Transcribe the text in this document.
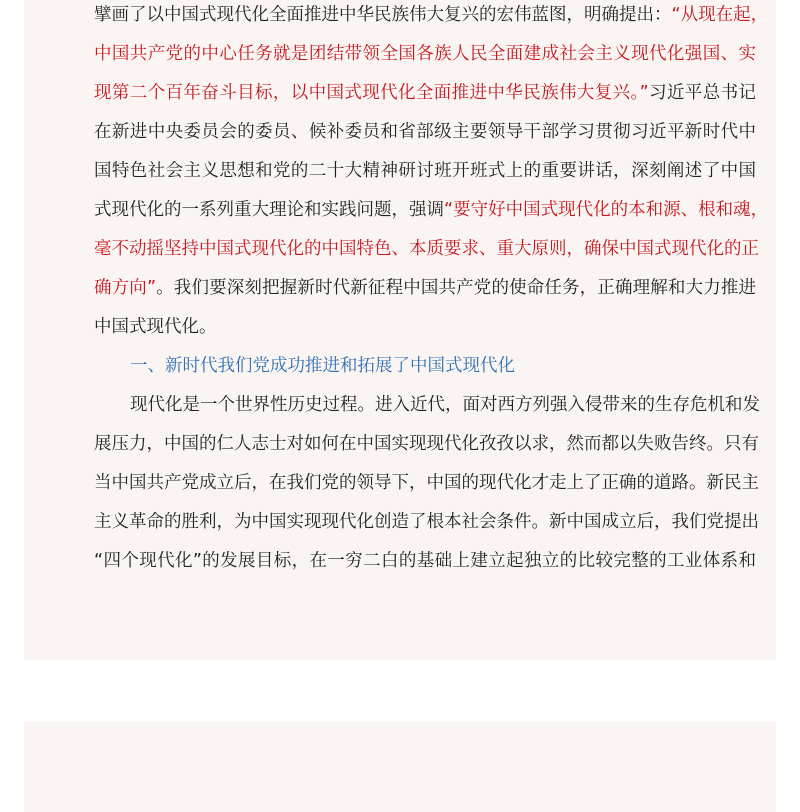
擘画了以中国式现代化全面推进中华民族伟大复兴的宏伟蓝图，明确提出：“从现在起，
中国共产党的中心任务就是团结带领全国各族人民全面建成社会主义现代化强国、实
现第二个百年奋斗目标，以中国式现代化全面推进中华民族伟大复兴。”习近平总书记
在新进中央委员会的委员、候补委员和省部级主要领导干部学习贯彻习近平新时代中
国特色社会主义思想和党的二十大精神研讨班开班式上的重要讲话，深刻阐述了中国
式现代化的一系列重大理论和实践问题，强调“要守好中国式现代化的本和源、根和魂，
毫不动摇坚持中国式现代化的中国特色、本质要求、重大原则，确保中国式现代化的正
确方向”。我们要深刻把握新时代新征程中国共产党的使命任务，正确理解和大力推进
中国式现代化。
一、新时代我们党成功推进和拓展了中国式现代化
现代化是一个世界性历史过程。进入近代，面对西方列强入侵带来的生存危机和发
展压力，中国的仁人志士对如何在中国实现现代化孜孜以求，然而都以失败告终。只有
当中国共产党成立后，在我们党的领导下，中国的现代化才走上了正确的道路。新民主
主义革命的胜利，为中国实现现代化创造了根本社会条件。新中国成立后，我们党提出
“四个现代化”的发展目标，在一穷二白的基础上建立起独立的比较完整的工业体系和
